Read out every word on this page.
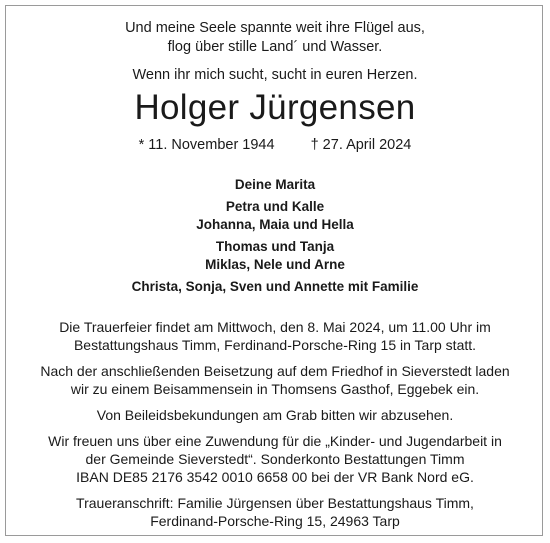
Und meine Seele spannte weit ihre Flügel aus,

flog über stille Land´ und Wasser.

Wenn ihr mich sucht, sucht in euren Herzen.

Holger Jürgensen
* 11. November 1944 † 27. April 2024

Deine Marita

Petra und Kalle

Johanna, Maia und Hella

Thomas und Tanja

Miklas, Nele und Arne

Christa, Sonja, Sven und Annette mit Familie

Die Trauerfeier findet am Mittwoch, den 8. Mai 2024, um 11.00 Uhr im
Bestattungshaus Timm, Ferdinand-Porsche-Ring 15 in Tarp statt.

Nach der anschließenden Beisetzung auf dem Friedhof in Sieverstedt laden
wir zu einem Beisammensein in Thomsens Gasthof, Eggebek ein.

Von Beileidsbekundungen am Grab bitten wir abzusehen.

Wir freuen uns über eine Zuwendung für die „Kinder- und Jugendarbeit in
der Gemeinde Sieverstedt“. Sonderkonto Bestattungen Timm
IBAN DE85 2176 3542 0010 6658 00 bei der VR Bank Nord eG.

Traueranschrift: Familie Jürgensen über Bestattungshaus Timm,
Ferdinand-Porsche-Ring 15, 24963 Tarp
